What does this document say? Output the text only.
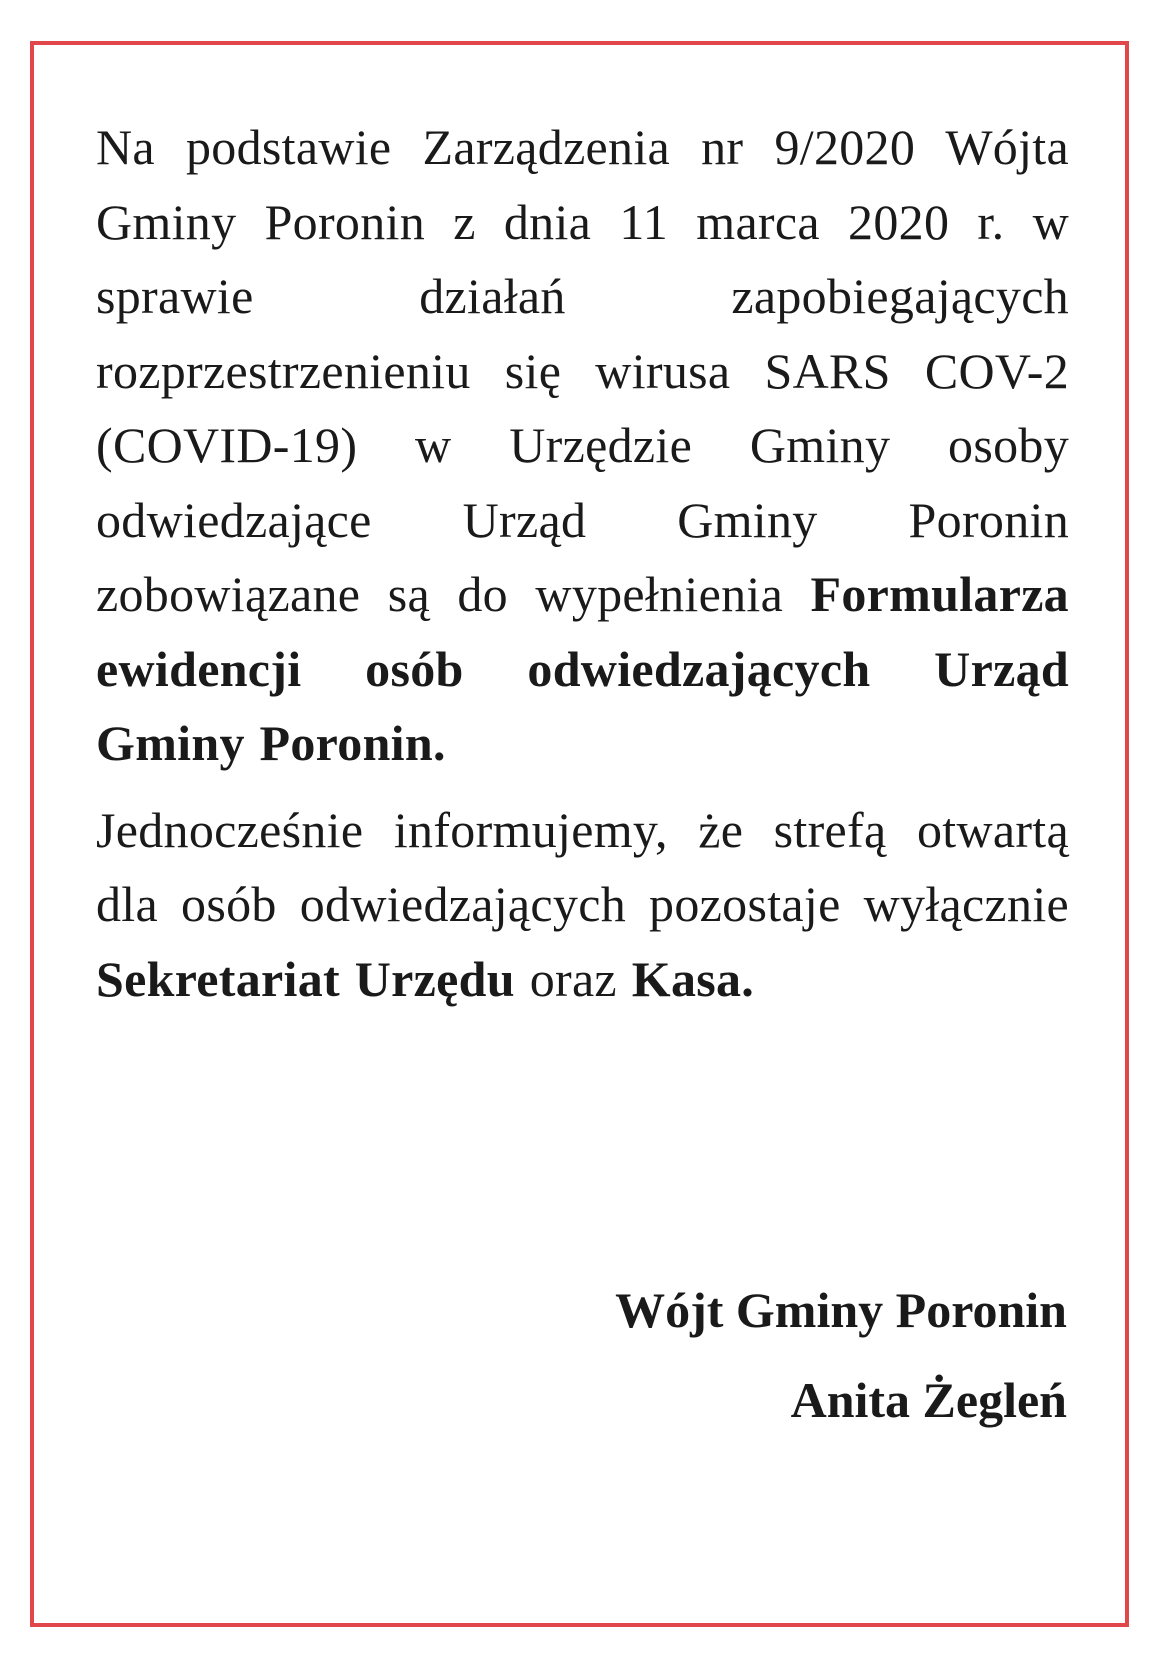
Na podstawie Zarządzenia nr 9/2020 Wójta Gminy Poronin z dnia 11 marca 2020 r. w sprawie działań zapobiegających rozprzestrzenieniu się wirusa SARS COV-2 (COVID-19) w Urzędzie Gminy osoby odwiedzające Urząd Gminy Poronin zobowiązane są do wypełnienia Formularza ewidencji osób odwiedzających Urząd Gminy Poronin.

Jednocześnie informujemy, że strefą otwartą dla osób odwiedzających pozostaje wyłącznie Sekretariat Urzędu oraz Kasa.

Wójt Gminy Poronin
Anita Żegleń
